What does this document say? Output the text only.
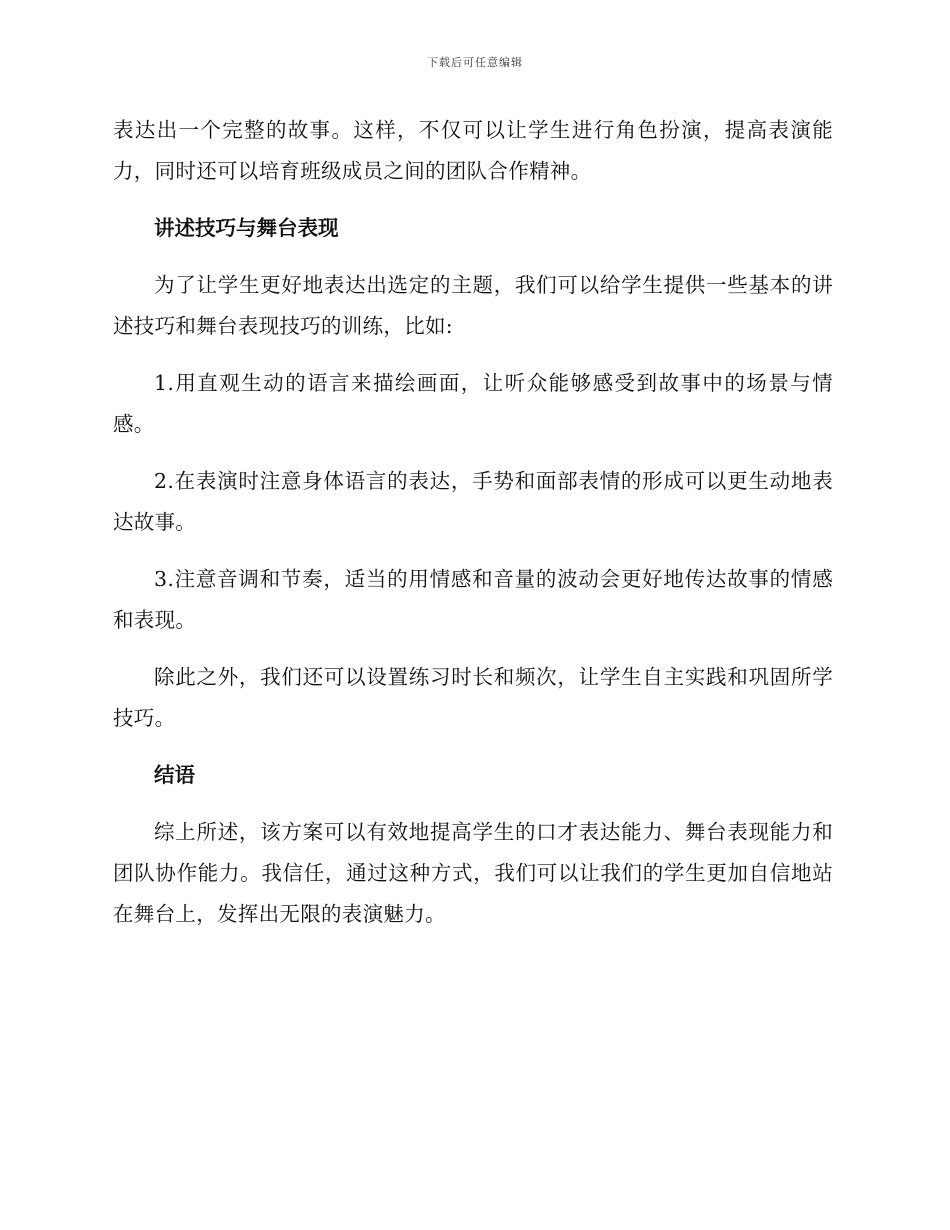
下载后可任意编辑

表达出一个完整的故事。这样，不仅可以让学生进行角色扮演，提高表演能力，同时还可以培育班级成员之间的团队合作精神。

讲述技巧与舞台表现

为了让学生更好地表达出选定的主题，我们可以给学生提供一些基本的讲述技巧和舞台表现技巧的训练，比如:

1.用直观生动的语言来描绘画面，让听众能够感受到故事中的场景与情感。

2.在表演时注意身体语言的表达，手势和面部表情的形成可以更生动地表达故事。

3.注意音调和节奏，适当的用情感和音量的波动会更好地传达故事的情感和表现。

除此之外，我们还可以设置练习时长和频次，让学生自主实践和巩固所学技巧。

结语

综上所述，该方案可以有效地提高学生的口才表达能力、舞台表现能力和团队协作能力。我信任，通过这种方式，我们可以让我们的学生更加自信地站在舞台上，发挥出无限的表演魅力。
